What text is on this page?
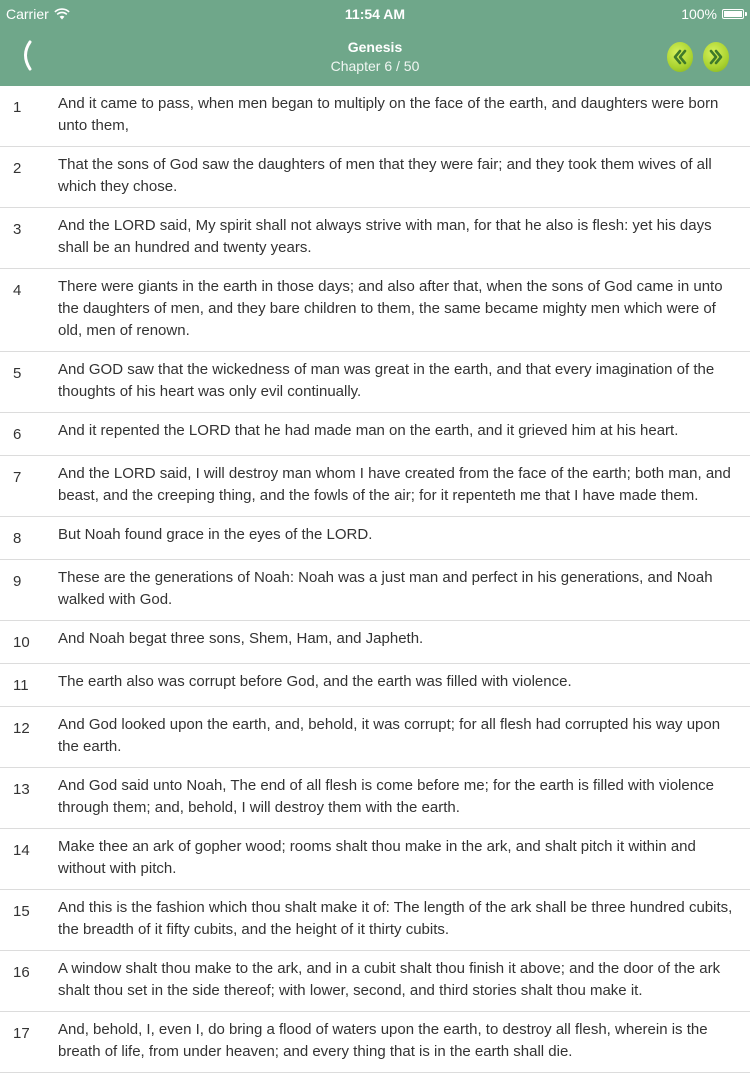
Carrier	11:54 AM	100%
Genesis
Chapter 6 / 50
1	And it came to pass, when men began to multiply on the face of the earth, and daughters were born unto them,
2	That the sons of God saw the daughters of men that they were fair; and they took them wives of all which they chose.
3	And the LORD said, My spirit shall not always strive with man, for that he also is flesh: yet his days shall be an hundred and twenty years.
4	There were giants in the earth in those days; and also after that, when the sons of God came in unto the daughters of men, and they bare children to them, the same became mighty men which were of old, men of renown.
5	And GOD saw that the wickedness of man was great in the earth, and that every imagination of the thoughts of his heart was only evil continually.
6	And it repented the LORD that he had made man on the earth, and it grieved him at his heart.
7	And the LORD said, I will destroy man whom I have created from the face of the earth; both man, and beast, and the creeping thing, and the fowls of the air; for it repenteth me that I have made them.
8	But Noah found grace in the eyes of the LORD.
9	These are the generations of Noah: Noah was a just man and perfect in his generations, and Noah walked with God.
10	And Noah begat three sons, Shem, Ham, and Japheth.
11	The earth also was corrupt before God, and the earth was filled with violence.
12	And God looked upon the earth, and, behold, it was corrupt; for all flesh had corrupted his way upon the earth.
13	And God said unto Noah, The end of all flesh is come before me; for the earth is filled with violence through them; and, behold, I will destroy them with the earth.
14	Make thee an ark of gopher wood; rooms shalt thou make in the ark, and shalt pitch it within and without with pitch.
15	And this is the fashion which thou shalt make it of: The length of the ark shall be three hundred cubits, the breadth of it fifty cubits, and the height of it thirty cubits.
16	A window shalt thou make to the ark, and in a cubit shalt thou finish it above; and the door of the ark shalt thou set in the side thereof; with lower, second, and third stories shalt thou make it.
17	And, behold, I, even I, do bring a flood of waters upon the earth, to destroy all flesh, wherein is the breath of life, from under heaven; and every thing that is in the earth shall die.
